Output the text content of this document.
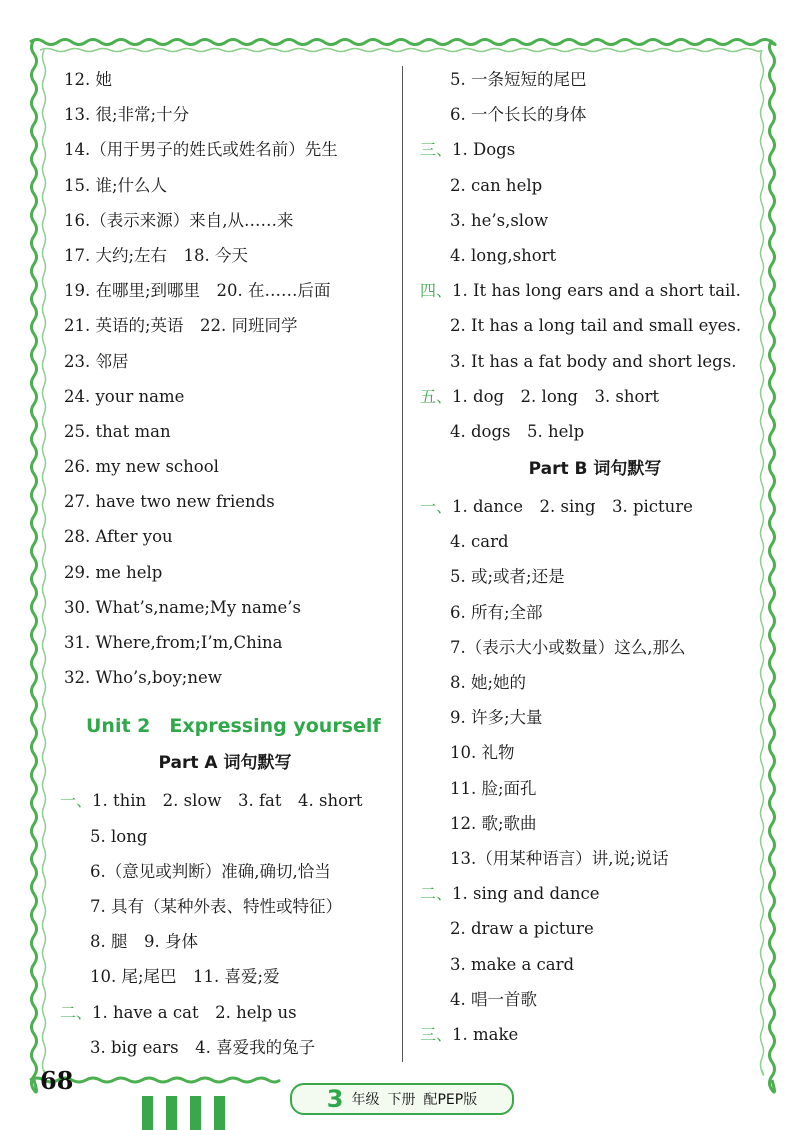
12. 她
13. 很;非常;十分
14.（用于男子的姓氏或姓名前）先生
15. 谁;什么人
16.（表示来源）来自,从……来
17. 大约;左右　18. 今天
19. 在哪里;到哪里　20. 在……后面
21. 英语的;英语　22. 同班同学
23. 邻居
24. your name
25. that man
26. my new school
27. have two new friends
28. After you
29. me help
30. What’s,name;My name’s
31. Where,from;I’m,China
32. Who’s,boy;new
Unit 2　Expressing yourself
Part A 词句默写
一、1. thin　2. slow　3. fat　4. short
5. long
6.（意见或判断）准确,确切,恰当
7. 具有（某种外表、特性或特征）
8. 腿　9. 身体
10. 尾;尾巴　11. 喜爱;爱
二、1. have a cat　2. help us
3. big ears　4. 喜爱我的兔子
5. 一条短短的尾巴
6. 一个长长的身体
三、1. Dogs
2. can help
3. he’s,slow
4. long,short
四、1. It has long ears and a short tail.
2. It has a long tail and small eyes.
3. It has a fat body and short legs.
五、1. dog　2. long　3. short
4. dogs　5. help
Part B 词句默写
一、1. dance　2. sing　3. picture
4. card
5. 或;或者;还是
6. 所有;全部
7.（表示大小或数量）这么,那么
8. 她;她的
9. 许多;大量
10. 礼物
11. 脸;面孔
12. 歌;歌曲
13.（用某种语言）讲,说;说话
二、1. sing and dance
2. draw a picture
3. make a card
4. 唱一首歌
三、1. make
68
3 年级 下册 配PEP版
